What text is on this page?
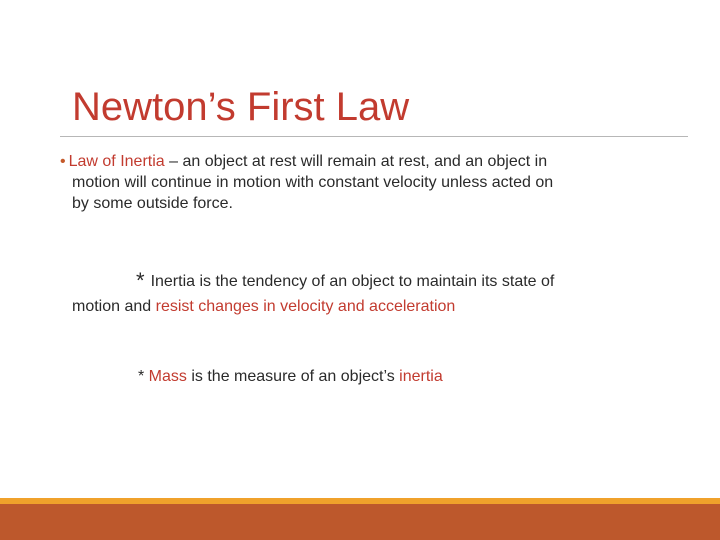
Newton’s First Law
• Law of Inertia – an object at rest will remain at rest, and an object in
motion will continue in motion with constant velocity unless acted on
by some outside force.
* Inertia is the tendency of an object to maintain its state of
motion and resist changes in velocity and acceleration
* Mass is the measure of an object’s inertia
